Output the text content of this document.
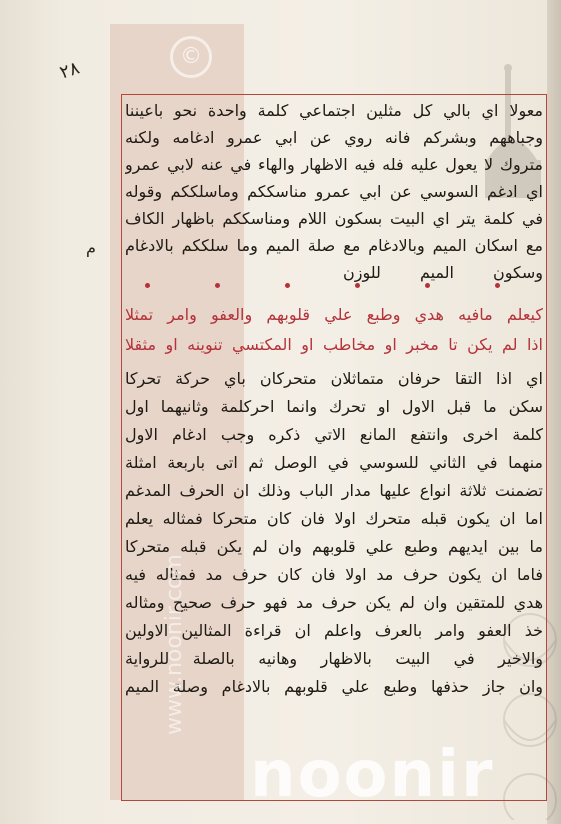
©
٢٨
م
معولا اي بالي كل مثلين اجتماعي كلمة واحدة نحو باعيننا
وجباههم وبشركم فانه روي عن ابي عمرو ادغامه ولكنه
متروك لا يعول عليه فله فيه الاظهار والهاء في عنه لابي عمرو
اي ادغم السوسي عن ابي عمرو مناسككم وماسلككم وقوله
في كلمة يتر اي البيت بسكون اللام ومناسككم باظهار الكاف
مع اسكان الميم وبالادغام مع صلة الميم وما سلككم بالادغام
وسكون الميم للوزن
كيعلم مافيه هدي وطبع علي قلوبهم والعفو وامر تمثلا
اذا لم يكن تا مخبر او مخاطب او المكتسي تنوينه او مثقلا
اي اذا التقا حرفان متماثلان متحركان باي حركة تحركا
سكن ما قبل الاول او تحرك وانما احركلمة وثانيهما اول
كلمة اخرى وانتفع المانع الاتي ذكره وجب ادغام الاول
منهما في الثاني للسوسي في الوصل ثم اتى باربعة امثلة
تضمنت ثلاثة انواع عليها مدار الباب وذلك ان الحرف المدغم
اما ان يكون قبله متحرك اولا فان كان متحركا فمثاله يعلم
ما بين ايديهم وطبع علي قلوبهم وان لم يكن قبله متحركا
فاما ان يكون حرف مد اولا فان كان حرف مد فمثاله فيه
هدي للمتقين وان لم يكن حرف مد فهو حرف صحيح ومثاله
خذ العفو وامر بالعرف واعلم ان قراءة المثالين الاولين
والاخير في البيت بالاظهار وهانيه بالصلة للرواية
وان جاز حذفها وطبع علي قلوبهم بالادغام وصلة الميم
www.noonir.com
noonir
